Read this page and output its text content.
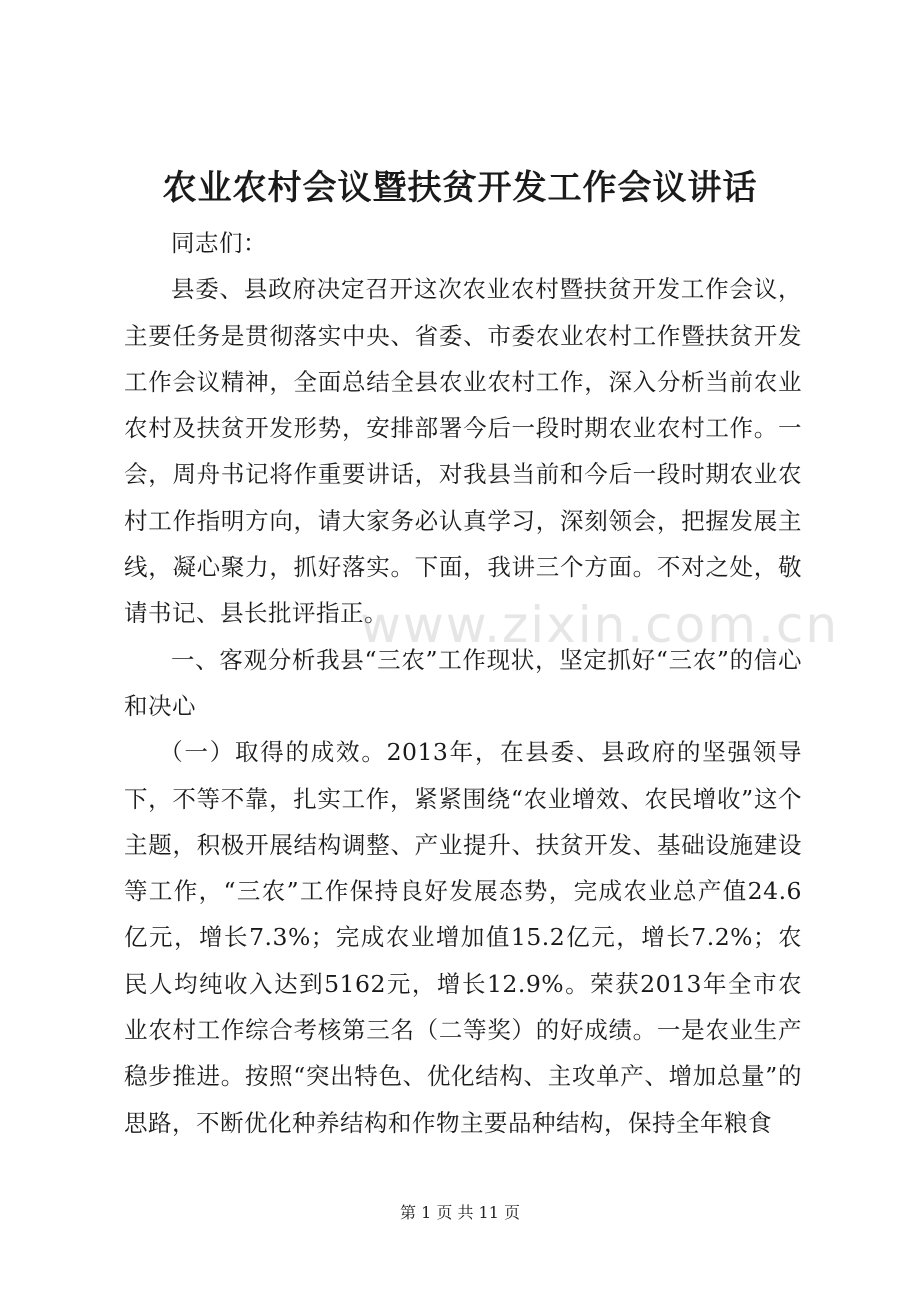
农业农村会议暨扶贫开发工作会议讲话

同志们：

县委、县政府决定召开这次农业农村暨扶贫开发工作会议，主要任务是贯彻落实中央、省委、市委农业农村工作暨扶贫开发工作会议精神，全面总结全县农业农村工作，深入分析当前农业农村及扶贫开发形势，安排部署今后一段时期农业农村工作。一会，周舟书记将作重要讲话，对我县当前和今后一段时期农业农村工作指明方向，请大家务必认真学习，深刻领会，把握发展主线，凝心聚力，抓好落实。下面，我讲三个方面。不对之处，敬请书记、县长批评指正。

一、客观分析我县“三农”工作现状，坚定抓好“三农”的信心和决心

（一）取得的成效。2013年，在县委、县政府的坚强领导下，不等不靠，扎实工作，紧紧围绕“农业增效、农民增收”这个主题，积极开展结构调整、产业提升、扶贫开发、基础设施建设等工作，“三农”工作保持良好发展态势，完成农业总产值24.6亿元，增长7.3%；完成农业增加值15.2亿元，增长7.2%；农民人均纯收入达到5162元，增长12.9%。荣获2013年全市农业农村工作综合考核第三名（二等奖）的好成绩。一是农业生产稳步推进。按照“突出特色、优化结构、主攻单产、增加总量”的思路，不断优化种养结构和作物主要品种结构，保持全年粮食

www.zixin.com.cn
第 1 页 共 11 页
